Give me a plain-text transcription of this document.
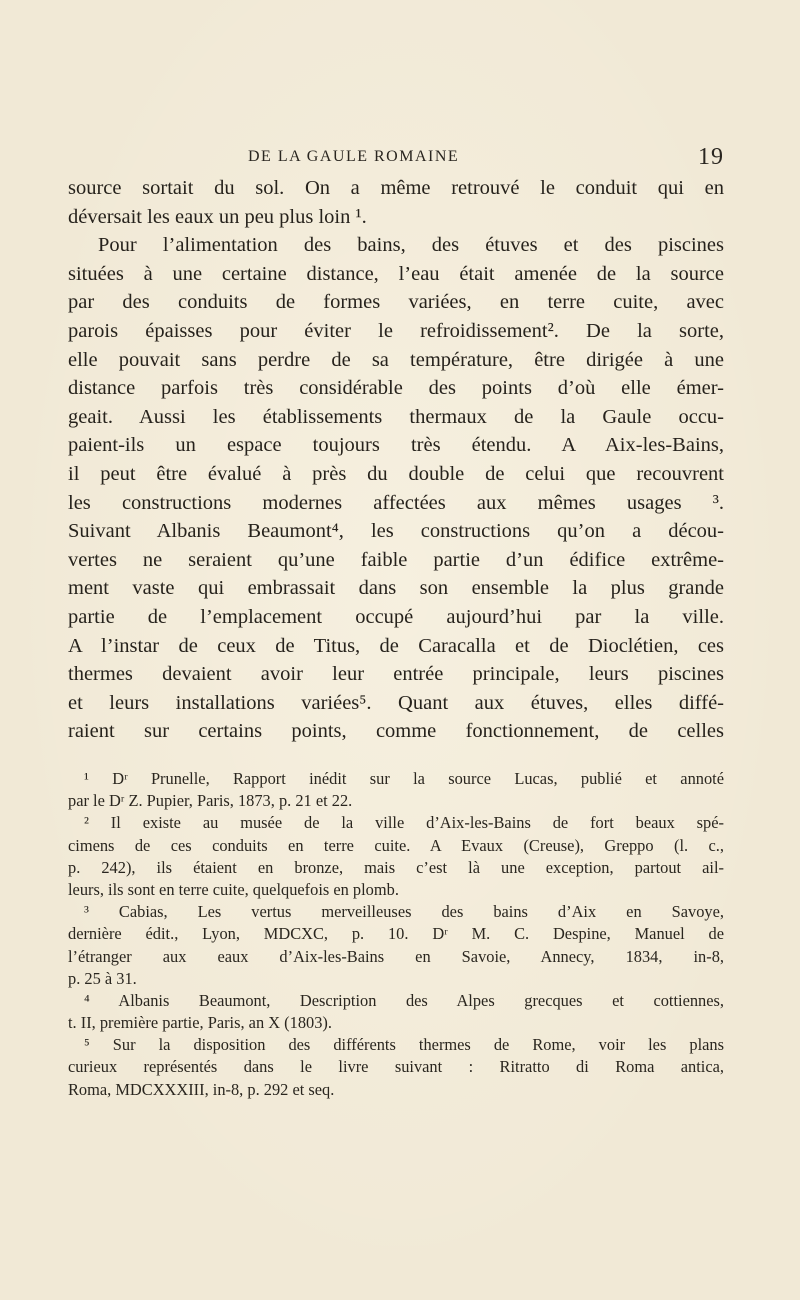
DE LA GAULE ROMAINE	19
source sortait du sol. On a même retrouvé le conduit qui en
déversait les eaux un peu plus loin ¹.
Pour l’alimentation des bains, des étuves et des piscines
situées à une certaine distance, l’eau était amenée de la source
par des conduits de formes variées, en terre cuite, avec
parois épaisses pour éviter le refroidissement². De la sorte,
elle pouvait sans perdre de sa température, être dirigée à une
distance parfois très considérable des points d’où elle émer-
geait. Aussi les établissements thermaux de la Gaule occu-
paient-ils un espace toujours très étendu. A Aix-les-Bains,
il peut être évalué à près du double de celui que recouvrent
les constructions modernes affectées aux mêmes usages ³.
Suivant Albanis Beaumont⁴, les constructions qu’on a décou-
vertes ne seraient qu’une faible partie d’un édifice extrême-
ment vaste qui embrassait dans son ensemble la plus grande
partie de l’emplacement occupé aujourd’hui par la ville.
A l’instar de ceux de Titus, de Caracalla et de Dioclétien, ces
thermes devaient avoir leur entrée principale, leurs piscines
et leurs installations variées⁵. Quant aux étuves, elles diffé-
raient sur certains points, comme fonctionnement, de celles
¹ Dʳ Prunelle, Rapport inédit sur la source Lucas, publié et annoté
par le Dʳ Z. Pupier, Paris, 1873, p. 21 et 22.
² Il existe au musée de la ville d’Aix-les-Bains de fort beaux spé-
cimens de ces conduits en terre cuite. A Evaux (Creuse), Greppo (l. c.,
p. 242), ils étaient en bronze, mais c’est là une exception, partout ail-
leurs, ils sont en terre cuite, quelquefois en plomb.
³ Cabias, Les vertus merveilleuses des bains d’Aix en Savoye,
dernière édit., Lyon, MDCXC, p. 10. Dʳ M. C. Despine, Manuel de
l’étranger aux eaux d’Aix-les-Bains en Savoie, Annecy, 1834, in-8,
p. 25 à 31.
⁴ Albanis Beaumont, Description des Alpes grecques et cottiennes,
t. II, première partie, Paris, an X (1803).
⁵ Sur la disposition des différents thermes de Rome, voir les plans
curieux représentés dans le livre suivant : Ritratto di Roma antica,
Roma, MDCXXXIII, in-8, p. 292 et seq.
